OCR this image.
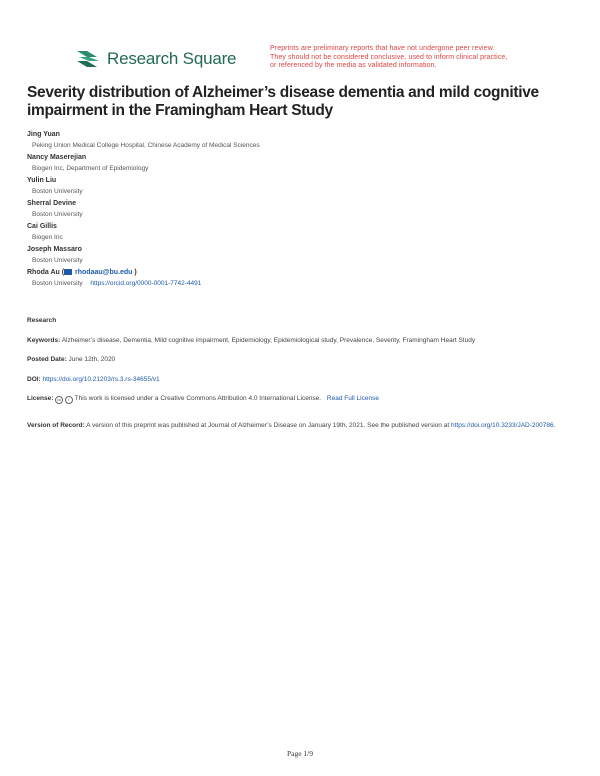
Research Square
Preprints are preliminary reports that have not undergone peer review.
They should not be considered conclusive, used to inform clinical practice,
or referenced by the media as validated information.
Severity distribution of Alzheimer’s disease dementia and mild cognitive impairment in the Framingham Heart Study
Jing Yuan
Peking Union Medical College Hospital, Chinese Academy of Medical Sciences
Nancy Maserejian
Biogen Inc, Department of Epidemiology
Yulin Liu
Boston University
Sherral Devine
Boston University
Cai Gillis
Biogen Inc
Joseph Massaro
Boston University
Rhoda Au ( rhodaau@bu.edu )
Boston University https://orcid.org/0000-0001-7742-4491
Research
Keywords: Alzheimer’s disease, Dementia, Mild cognitive impairment, Epidemiology, Epidemiological study, Prevalence, Severity, Framingham Heart Study
Posted Date: June 12th, 2020
DOI: https://doi.org/10.21203/rs.3.rs-34655/v1
License: cc i This work is licensed under a Creative Commons Attribution 4.0 International License. Read Full License
Version of Record: A version of this preprint was published at Journal of Alzheimer’s Disease on January 19th, 2021. See the published version at https://doi.org/10.3233/JAD-200786.
Page 1/9
